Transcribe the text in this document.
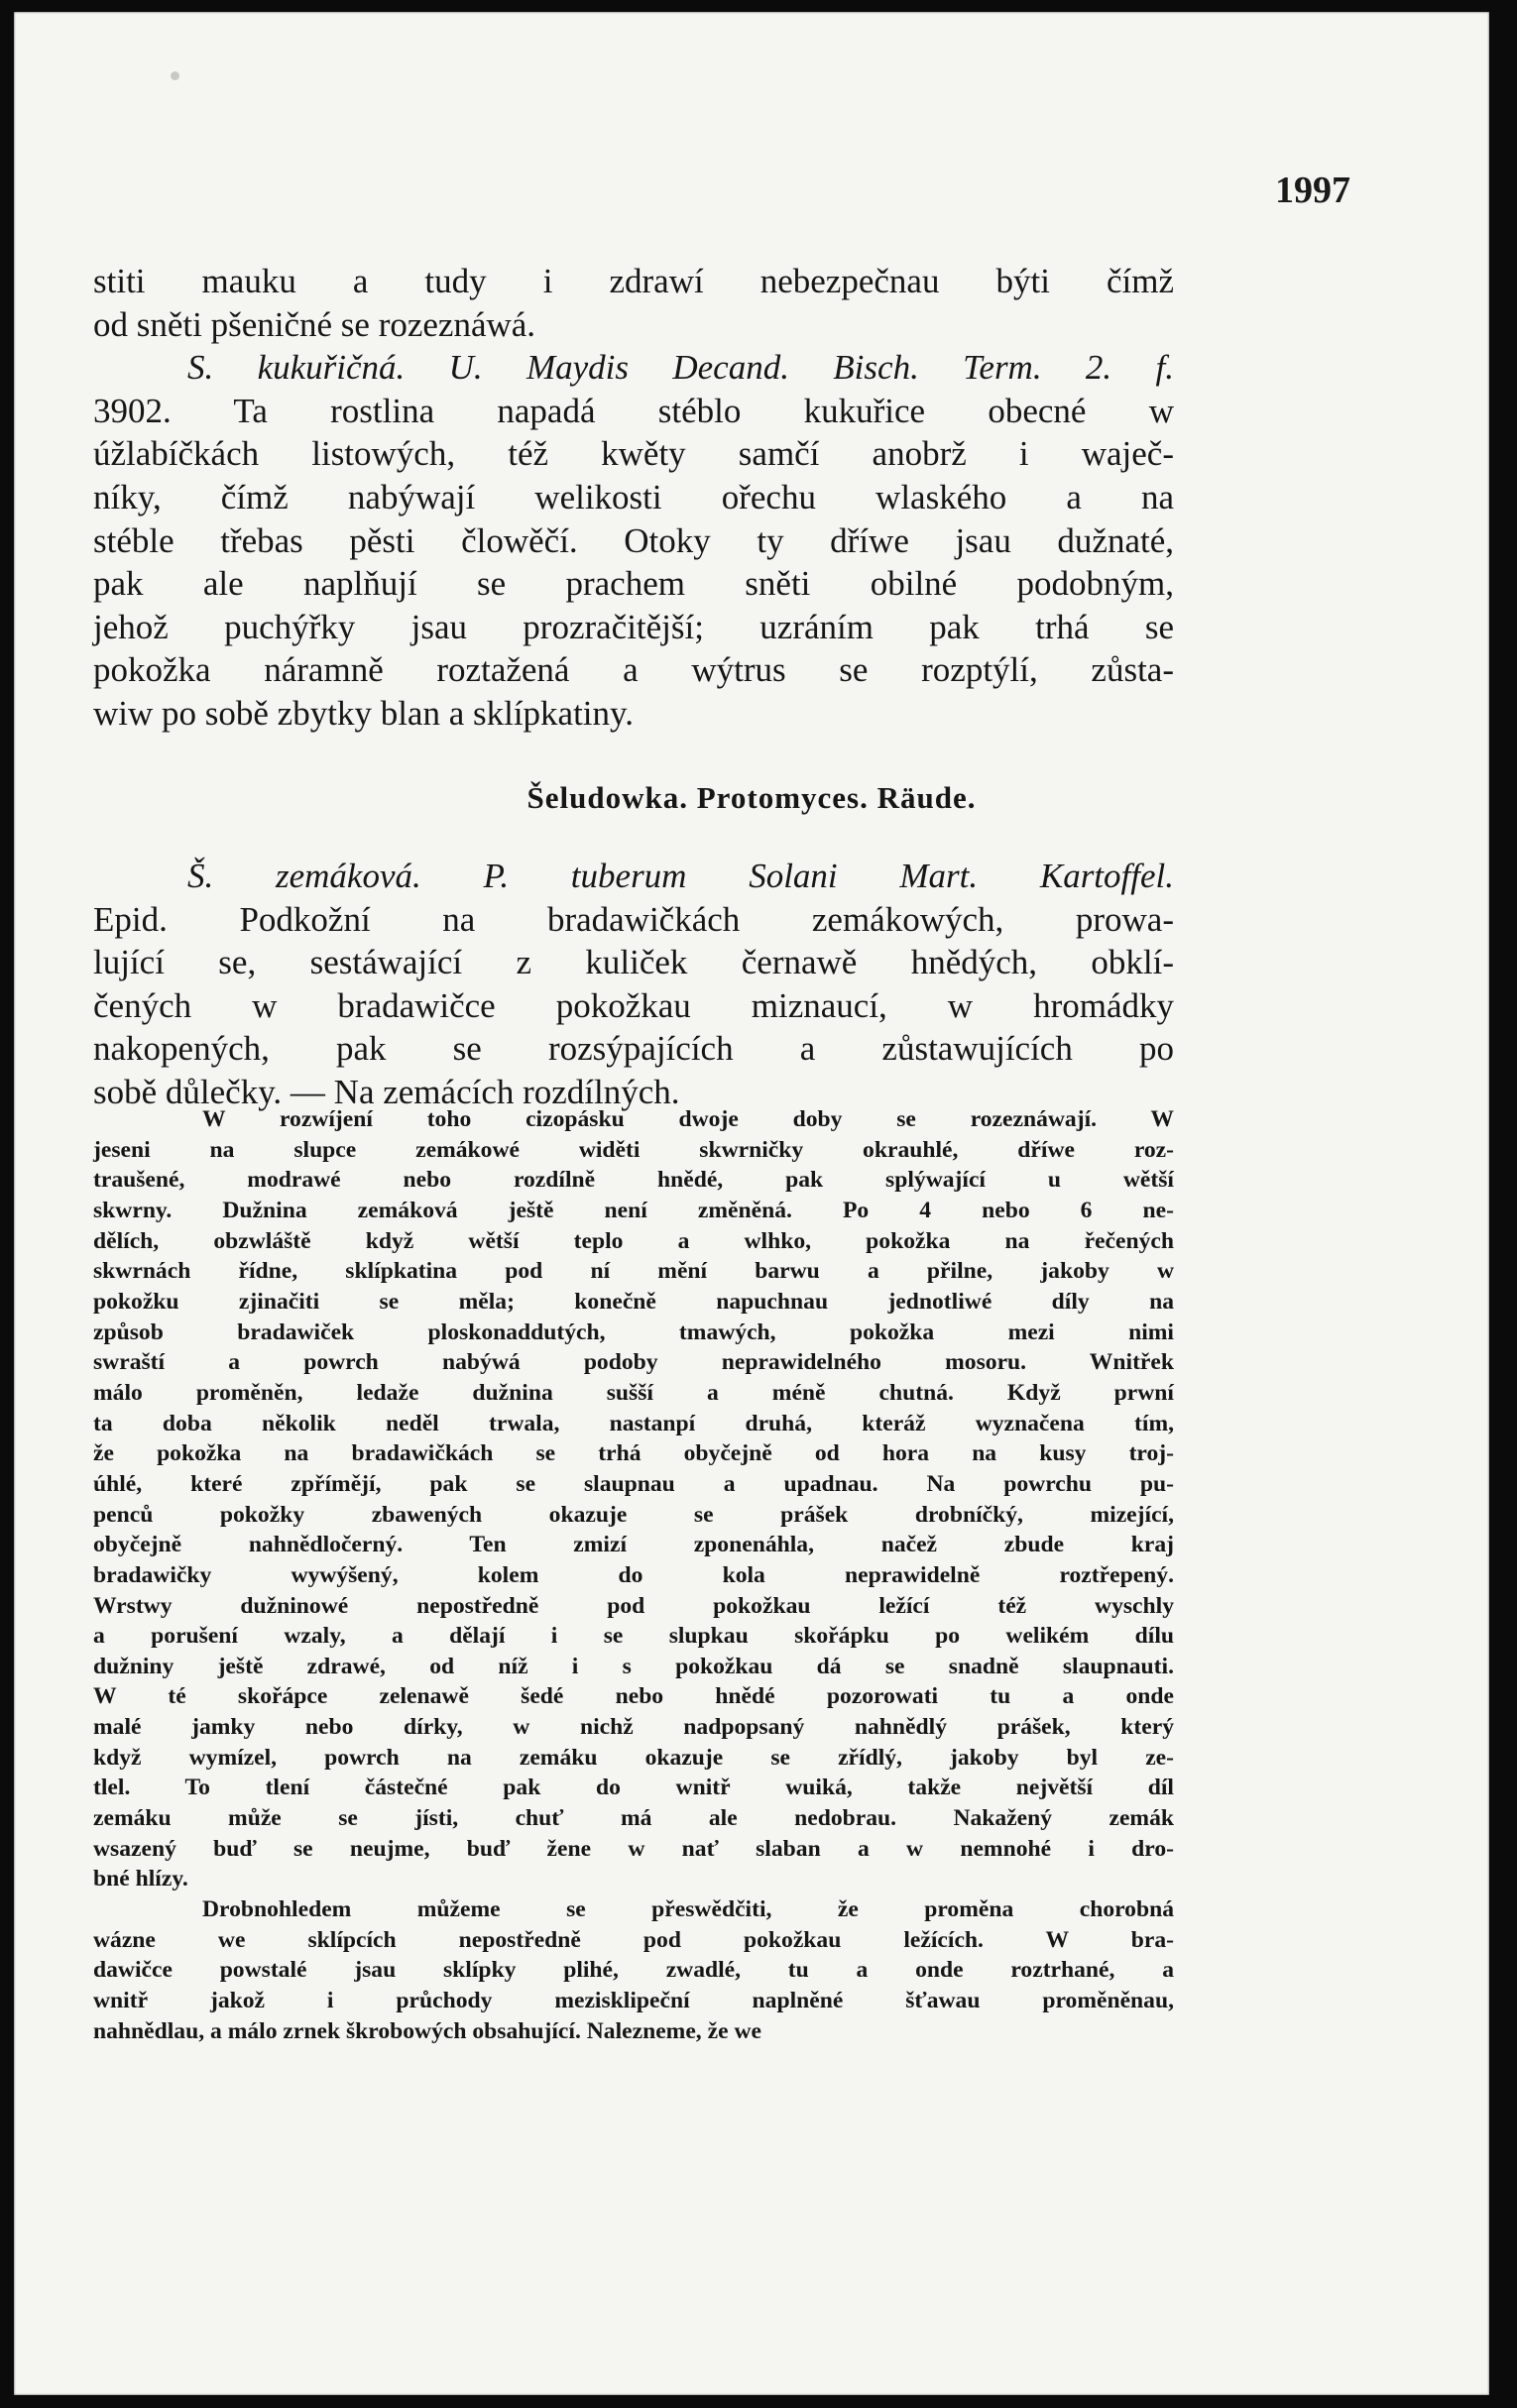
1997
stiti mauku a tudy i zdrawí nebezpečnau býti čímž
od sněti pšeničné se rozeznáwá.
S. kukuřičná. U. Maydis Decand. Bisch. Term. 2. f.
3902. Ta rostlina napadá stéblo kukuřice obecné w
úžlabíčkách listowých, též kwěty samčí anobrž i waječ-
níky, čímž nabýwají welikosti ořechu wlaského a na
stéble třebas pěsti člowěčí. Otoky ty dříwe jsau dužnaté,
pak ale naplňují se prachem sněti obilné podobným,
jehož puchýřky jsau prozračitější; uzráním pak trhá se
pokožka náramně roztažená a wýtrus se rozptýlí, zůsta-
wiw po sobě zbytky blan a sklípkatiny.
Šeludowka. Protomyces. Räude.
Š. zemáková. P. tuberum Solani Mart. Kartoffel.
Epid. Podkožní na bradawičkách zemákowých, prowa-
lující se, sestáwající z kuliček černawě hnědých, obklí-
čených w bradawičce pokožkau miznaucí, w hromádky
nakopených, pak se rozsýpajících a zůstawujících po
sobě důlečky. — Na zemácích rozdílných.
W rozwíjení toho cizopásku dwoje doby se rozeznáwají. W
jeseni na slupce zemákowé widěti skwrničky okrauhlé, dříwe roz-
traušené, modrawé nebo rozdílně hnědé, pak splýwající u wětší
skwrny. Dužnina zemáková ještě není změněná. Po 4 nebo 6 ne-
dělích, obzwláště když wětší teplo a wlhko, pokožka na řečených
skwrnách řídne, sklípkatina pod ní mění barwu a přilne, jakoby w
pokožku zjinačiti se měla; konečně napuchnau jednotliwé díly na
způsob bradawiček ploskonaddutých, tmawých, pokožka mezi nimi
swraští a powrch nabýwá podoby neprawidelného mosoru. Wnitřek
málo proměněn, ledaže dužnina sušší a méně chutná. Když prwní
ta doba několik neděl trwala, nastanpí druhá, kteráž wyznačena tím,
že pokožka na bradawičkách se trhá obyčejně od hora na kusy troj-
úhlé, které zpřímějí, pak se slaupnau a upadnau. Na powrchu pu-
penců pokožky zbawených okazuje se prášek drobníčký, mizející,
obyčejně nahnědločerný. Ten zmizí zponenáhla, načež zbude kraj
bradawičky wywýšený, kolem do kola neprawidelně roztřepený.
Wrstwy dužninowé nepostředně pod pokožkau ležící též wyschly
a porušení wzaly, a dělají i se slupkau skořápku po welikém dílu
dužniny ještě zdrawé, od níž i s pokožkau dá se snadně slaupnauti.
W té skořápce zelenawě šedé nebo hnědé pozorowati tu a onde
malé jamky nebo dírky, w nichž nadpopsaný nahnědlý prášek, který
když wymízel, powrch na zemáku okazuje se zřídlý, jakoby byl ze-
tlel. To tlení částečné pak do wnitř wuiká, takže největší díl
zemáku může se jísti, chuť má ale nedobrau. Nakažený zemák
wsazený buď se neujme, buď žene w nať slaban a w nemnohé i dro-
bné hlízy.
Drobnohledem můžeme se přeswědčiti, že proměna chorobná
wázne we sklípcích nepostředně pod pokožkau ležících. W bra-
dawičce powstalé jsau sklípky plihé, zwadlé, tu a onde roztrhané, a
wnitř jakož i průchody mezisklipeční naplněné šťawau proměněnau,
nahnědlau, a málo zrnek škrobowých obsahující. Nalezneme, že we
